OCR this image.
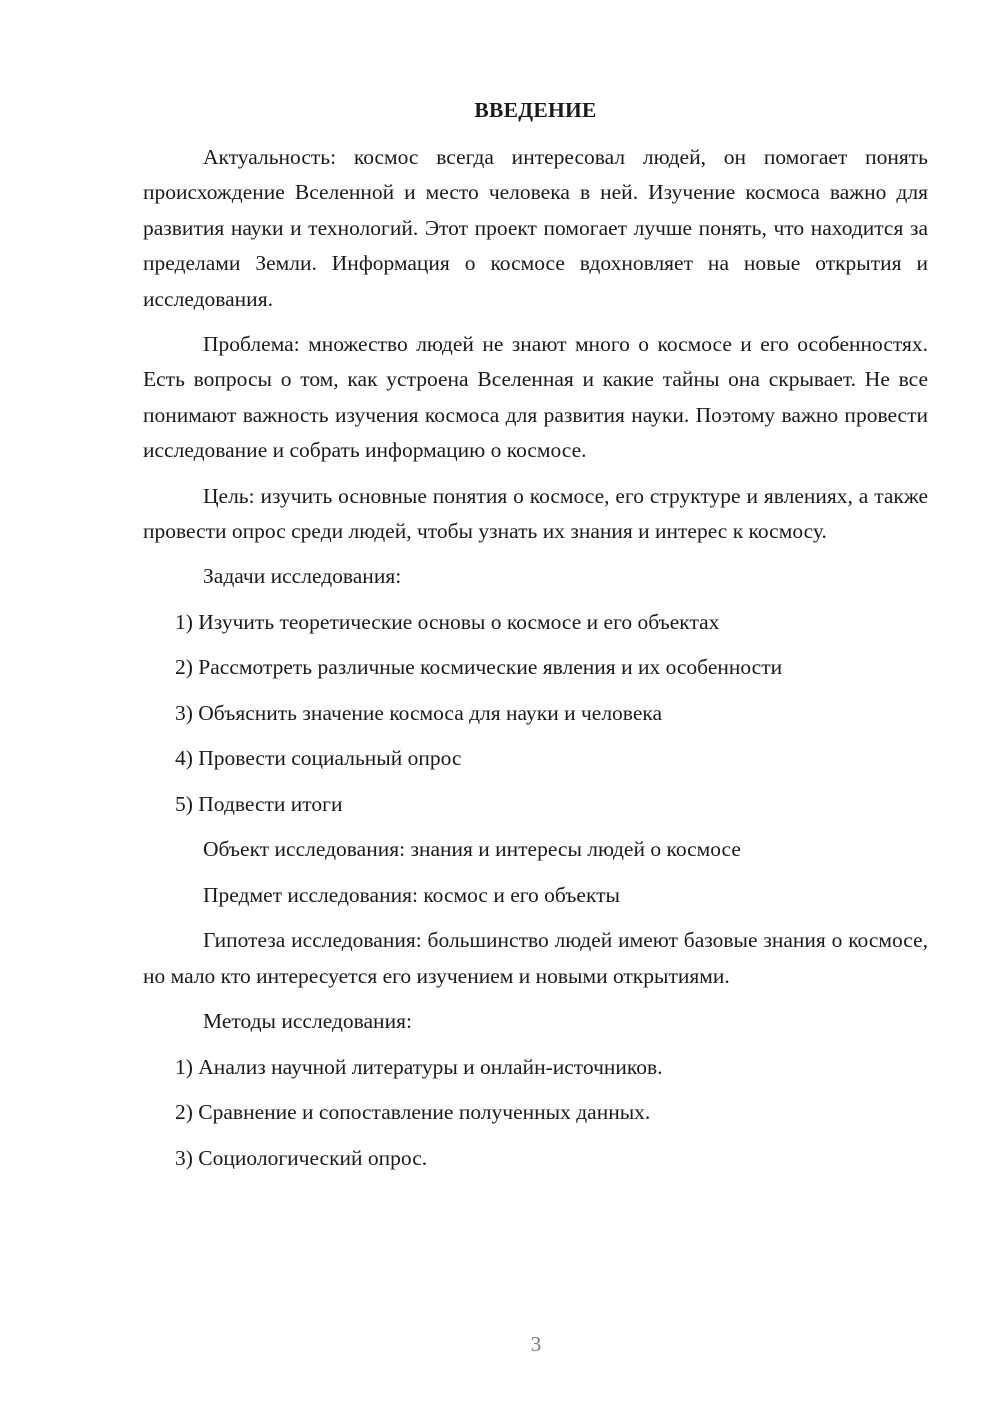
ВВЕДЕНИЕ

Актуальность: космос всегда интересовал людей, он помогает понять происхождение Вселенной и место человека в ней. Изучение космоса важно для развития науки и технологий. Этот проект помогает лучше понять, что находится за пределами Земли. Информация о космосе вдохновляет на новые открытия и исследования.

Проблема: множество людей не знают много о космосе и его особенностях. Есть вопросы о том, как устроена Вселенная и какие тайны она скрывает. Не все понимают важность изучения космоса для развития науки. Поэтому важно провести исследование и собрать информацию о космосе.

Цель: изучить основные понятия о космосе, его структуре и явлениях, а также провести опрос среди людей, чтобы узнать их знания и интерес к космосу.

Задачи исследования:

1) Изучить теоретические основы о космосе и его объектах

2) Рассмотреть различные космические явления и их особенности

3) Объяснить значение космоса для науки и человека

4) Провести социальный опрос

5) Подвести итоги

Объект исследования: знания и интересы людей о космосе

Предмет исследования: космос и его объекты

Гипотеза исследования: большинство людей имеют базовые знания о космосе, но мало кто интересуется его изучением и новыми открытиями.

Методы исследования:

1) Анализ научной литературы и онлайн-источников.

2) Сравнение и сопоставление полученных данных.

3) Социологический опрос.

3
